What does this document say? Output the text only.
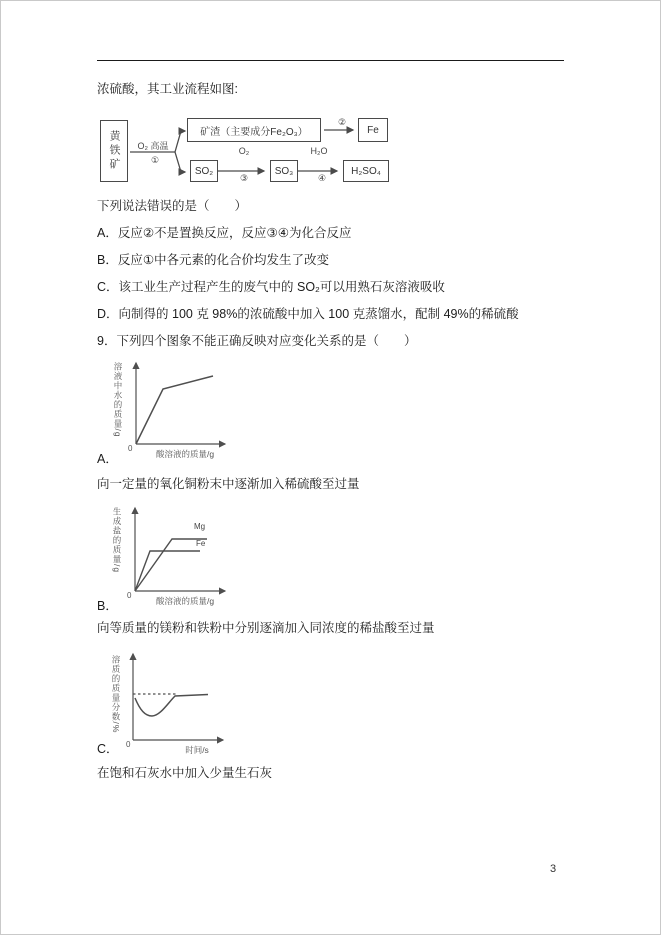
浓硫酸，其工业流程如图:
黄铁矿	矿渣（主要成分Fe₂O₃）	Fe
SO₂	SO₃	H₂SO₄
O₂ 高温
①
②
O₂
③
H₂O
④
下列说法错误的是（　　）
A．反应②不是置换反应，反应③④为化合反应
B．反应①中各元素的化合价均发生了改变
C．该工业生产过程产生的废气中的 SO₂可以用熟石灰溶液吸收
D．向制得的 100 克 98%的浓硫酸中加入 100 克蒸馏水，配制 49%的稀硫酸
9．下列四个图象不能正确反映对应变化关系的是（　　）
溶液中水的质量/g
0
酸溶液的质量/g
A．
向一定量的氧化铜粉末中逐渐加入稀硫酸至过量
Mg
Fe
生成盐的质量/g
0
酸溶液的质量/g
B．
向等质量的镁粉和铁粉中分别逐滴加入同浓度的稀盐酸至过量
溶质的质量分数/%
0
时间/s
C．
在饱和石灰水中加入少量生石灰
3
